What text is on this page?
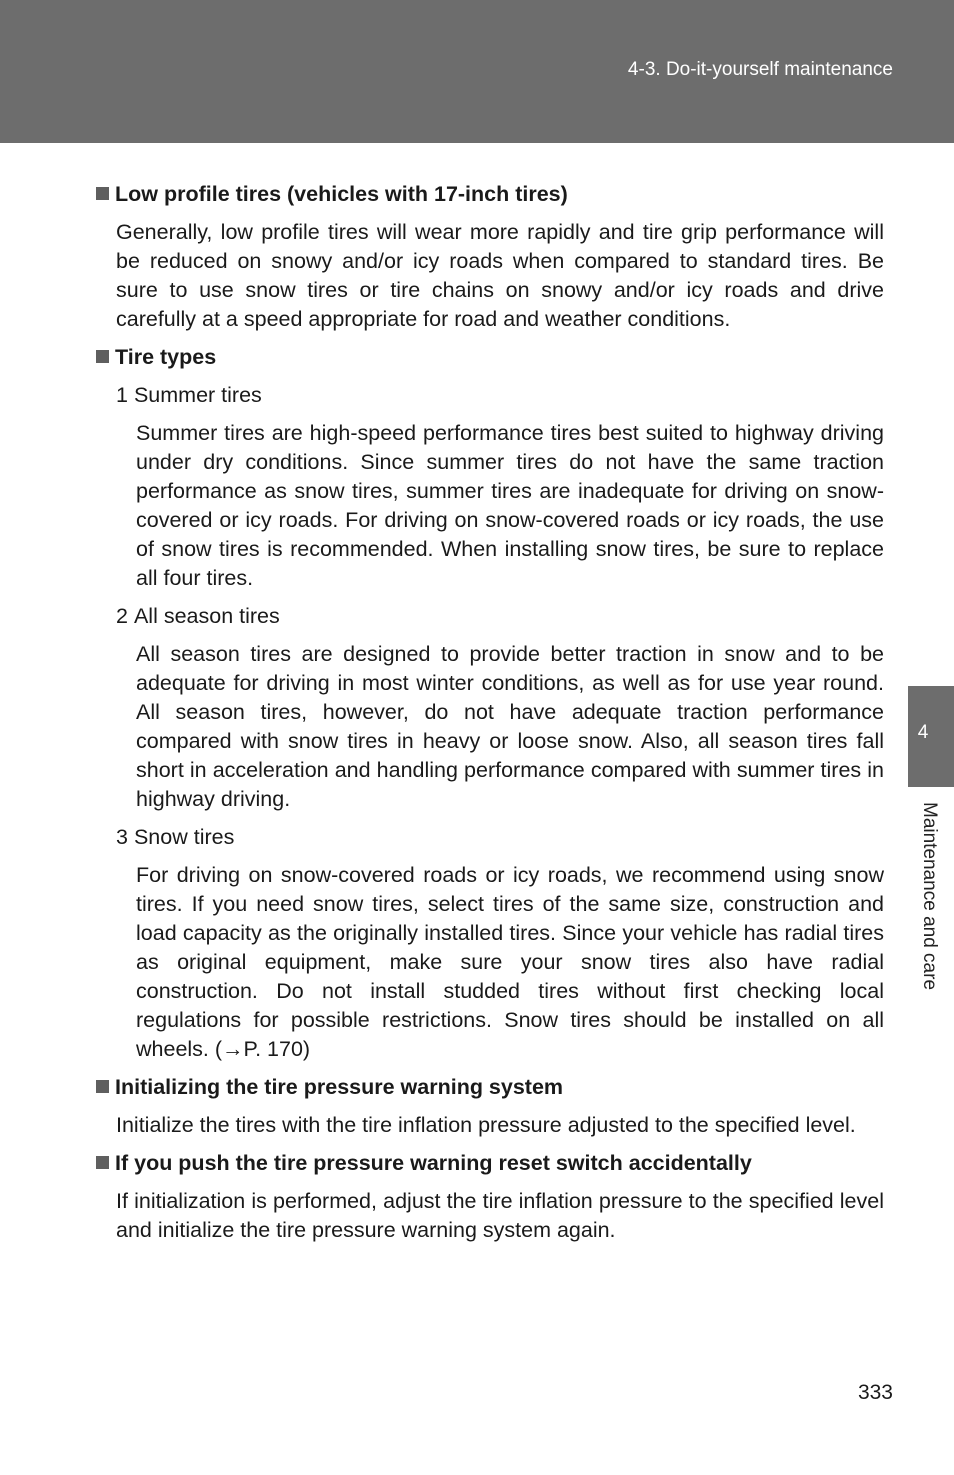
4-3. Do-it-yourself maintenance
Low profile tires (vehicles with 17-inch tires)

Generally, low profile tires will wear more rapidly and tire grip performance will be reduced on snowy and/or icy roads when compared to standard tires. Be sure to use snow tires or tire chains on snowy and/or icy roads and drive carefully at a speed appropriate for road and weather conditions.

Tire types
1 Summer tires

Summer tires are high-speed performance tires best suited to highway driving under dry conditions. Since summer tires do not have the same traction performance as snow tires, summer tires are inadequate for driving on snow-covered or icy roads. For driving on snow-covered roads or icy roads, the use of snow tires is recommended. When installing snow tires, be sure to replace all four tires.

2 All season tires

All season tires are designed to provide better traction in snow and to be adequate for driving in most winter conditions, as well as for use year round. All season tires, however, do not have adequate traction performance compared with snow tires in heavy or loose snow. Also, all season tires fall short in acceleration and handling performance compared with summer tires in highway driving.

3 Snow tires

For driving on snow-covered roads or icy roads, we recommend using snow tires. If you need snow tires, select tires of the same size, construction and load capacity as the originally installed tires. Since your vehicle has radial tires as original equipment, make sure your snow tires also have radial construction. Do not install studded tires without first checking local regulations for possible restrictions. Snow tires should be installed on all wheels. (→P. 170)

Initializing the tire pressure warning system

Initialize the tires with the tire inflation pressure adjusted to the specified level.

If you push the tire pressure warning reset switch accidentally

If initialization is performed, adjust the tire inflation pressure to the specified level and initialize the tire pressure warning system again.

4
Maintenance and care
333
